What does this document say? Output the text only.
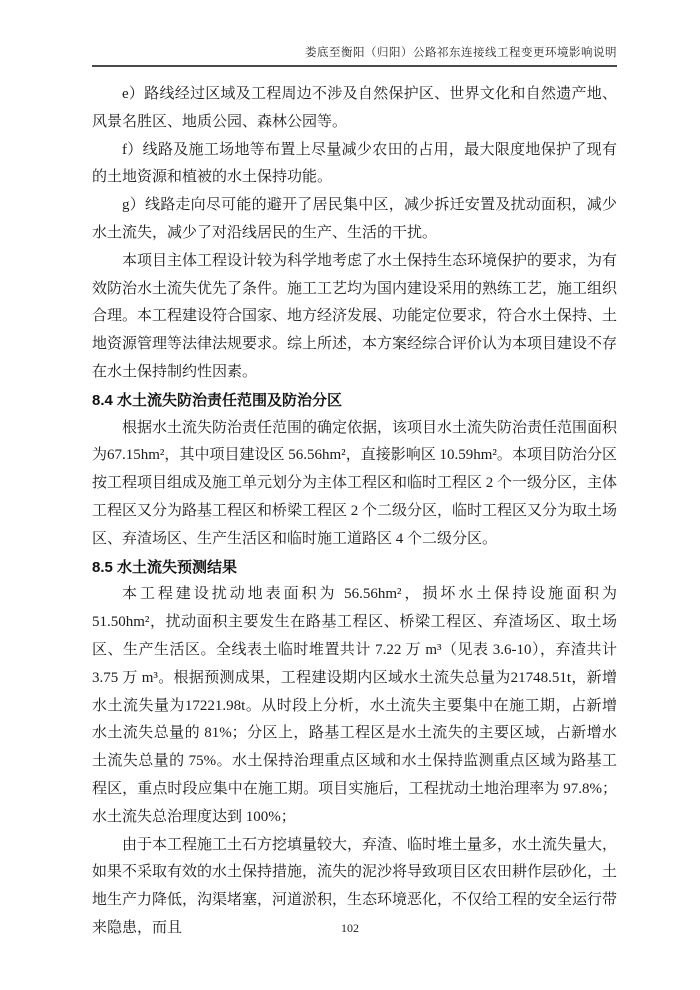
娄底至衡阳（归阳）公路祁东连接线工程变更环境影响说明

e）路线经过区域及工程周边不涉及自然保护区、世界文化和自然遗产地、风景名胜区、地质公园、森林公园等。

f）线路及施工场地等布置上尽量减少农田的占用，最大限度地保护了现有的土地资源和植被的水土保持功能。

g）线路走向尽可能的避开了居民集中区，减少拆迁安置及扰动面积，减少水土流失，减少了对沿线居民的生产、生活的干扰。

本项目主体工程设计较为科学地考虑了水土保持生态环境保护的要求，为有效防治水土流失优先了条件。施工工艺均为国内建设采用的熟练工艺，施工组织合理。本工程建设符合国家、地方经济发展、功能定位要求，符合水土保持、土地资源管理等法律法规要求。综上所述，本方案经综合评价认为本项目建设不存在水土保持制约性因素。

8.4 水土流失防治责任范围及防治分区

根据水土流失防治责任范围的确定依据，该项目水土流失防治责任范围面积为67.15hm²，其中项目建设区 56.56hm²，直接影响区 10.59hm²。本项目防治分区按工程项目组成及施工单元划分为主体工程区和临时工程区 2 个一级分区，主体工程区又分为路基工程区和桥梁工程区 2 个二级分区，临时工程区又分为取土场区、弃渣场区、生产生活区和临时施工道路区 4 个二级分区。

8.5 水土流失预测结果

本工程建设扰动地表面积为 56.56hm²，损坏水土保持设施面积为 51.50hm²，扰动面积主要发生在路基工程区、桥梁工程区、弃渣场区、取土场区、生产生活区。全线表土临时堆置共计 7.22 万 m³（见表 3.6-10），弃渣共计 3.75 万 m³。根据预测成果，工程建设期内区域水土流失总量为21748.51t，新增水土流失量为17221.98t。从时段上分析，水土流失主要集中在施工期，占新增水土流失总量的 81%；分区上，路基工程区是水土流失的主要区域，占新增水土流失总量的 75%。水土保持治理重点区域和水土保持监测重点区域为路基工程区，重点时段应集中在施工期。项目实施后，工程扰动土地治理率为 97.8%；水土流失总治理度达到 100%；

由于本工程施工土石方挖填量较大，弃渣、临时堆土量多，水土流失量大，如果不采取有效的水土保持措施，流失的泥沙将导致项目区农田耕作层砂化，土地生产力降低，沟渠堵塞，河道淤积，生态环境恶化，不仅给工程的安全运行带来隐患，而且	102
